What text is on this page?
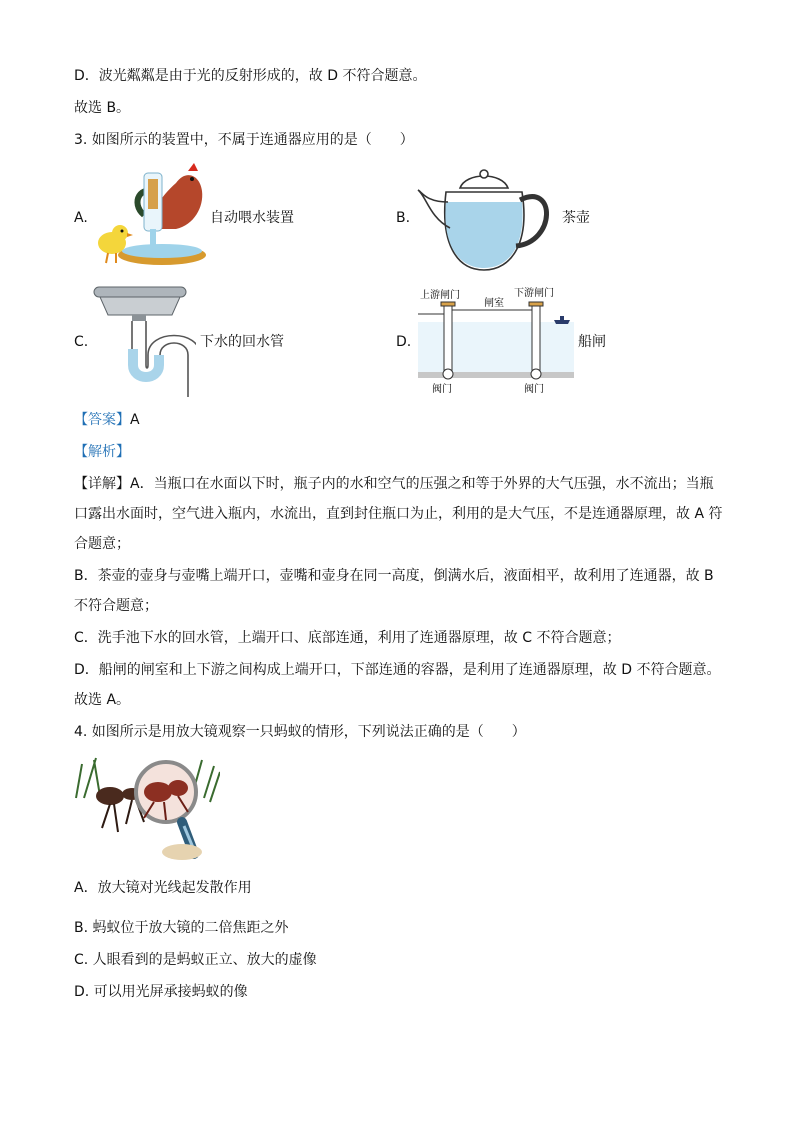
D．波光粼粼是由于光的反射形成的，故 D 不符合题意。
故选 B。
3. 如图所示的装置中，不属于连通器应用的是（　　）
A.	自动喂水装置	B.	茶壶
C.	下水的回水管	D.
上游闸门
闸室
下游闸门
阀门	阀门
船闸
【答案】A
【解析】
【详解】A．当瓶口在水面以下时，瓶子内的水和空气的压强之和等于外界的大气压强，水不流出；当瓶
口露出水面时，空气进入瓶内，水流出，直到封住瓶口为止，利用的是大气压，不是连通器原理，故 A 符
合题意；
B．茶壶的壶身与壶嘴上端开口，壶嘴和壶身在同一高度，倒满水后，液面相平，故利用了连通器，故 B
不符合题意；
C．洗手池下水的回水管，上端开口、底部连通，利用了连通器原理，故 C 不符合题意；
D．船闸的闸室和上下游之间构成上端开口，下部连通的容器，是利用了连通器原理，故 D 不符合题意。
故选 A。
4. 如图所示是用放大镜观察一只蚂蚁的情形，下列说法正确的是（　　）
A．放大镜对光线起发散作用
B. 蚂蚁位于放大镜的二倍焦距之外
C. 人眼看到的是蚂蚁正立、放大的虚像
D. 可以用光屏承接蚂蚁的像
